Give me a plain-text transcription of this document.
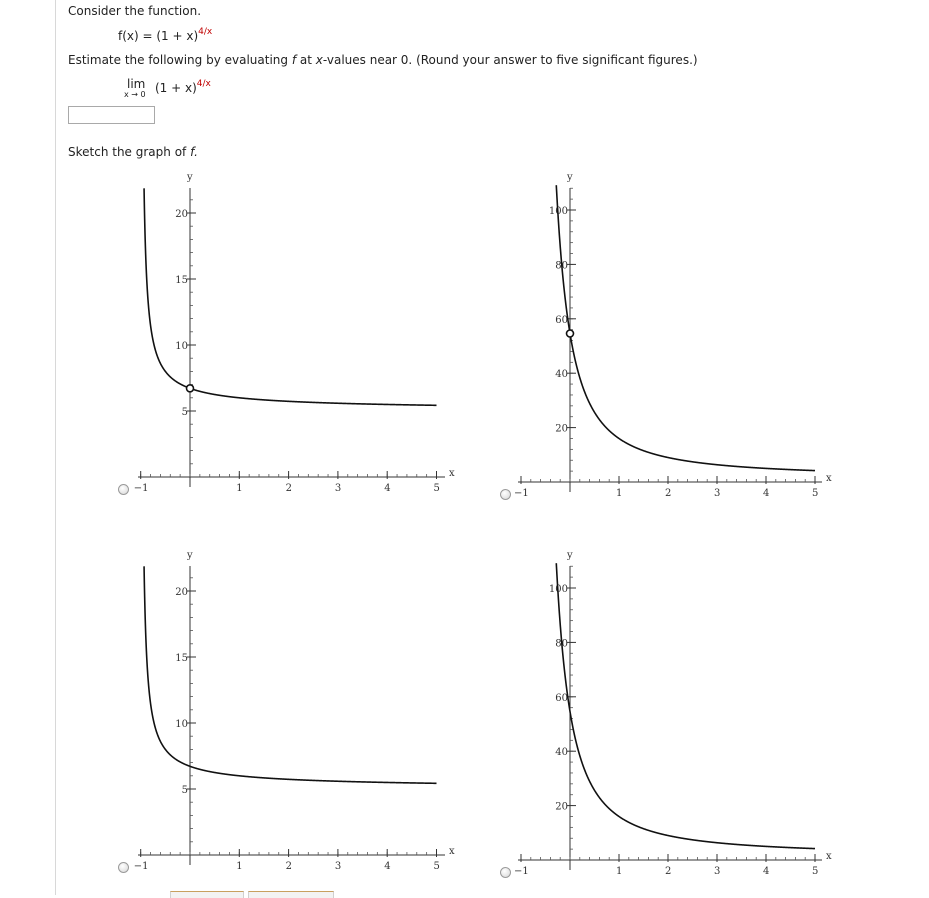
Consider the function.
$f(x) = (1 + x)^{4/x}$
Estimate the following by evaluating f at x-values near 0. (Round your answer to five significant figures.)
lim
x → 0 $(1 + x)^{4/x}$
Sketch the graph of f.
−1	1	2	3	4	5
5
10
15
20
x
y
−1	1	2	3	4	5
20
40
60
80
100
x
y
−1	1	2	3	4	5
5
10
15
20
x
y
−1	1	2	3	4	5
20
40
60
80
100
x
y
